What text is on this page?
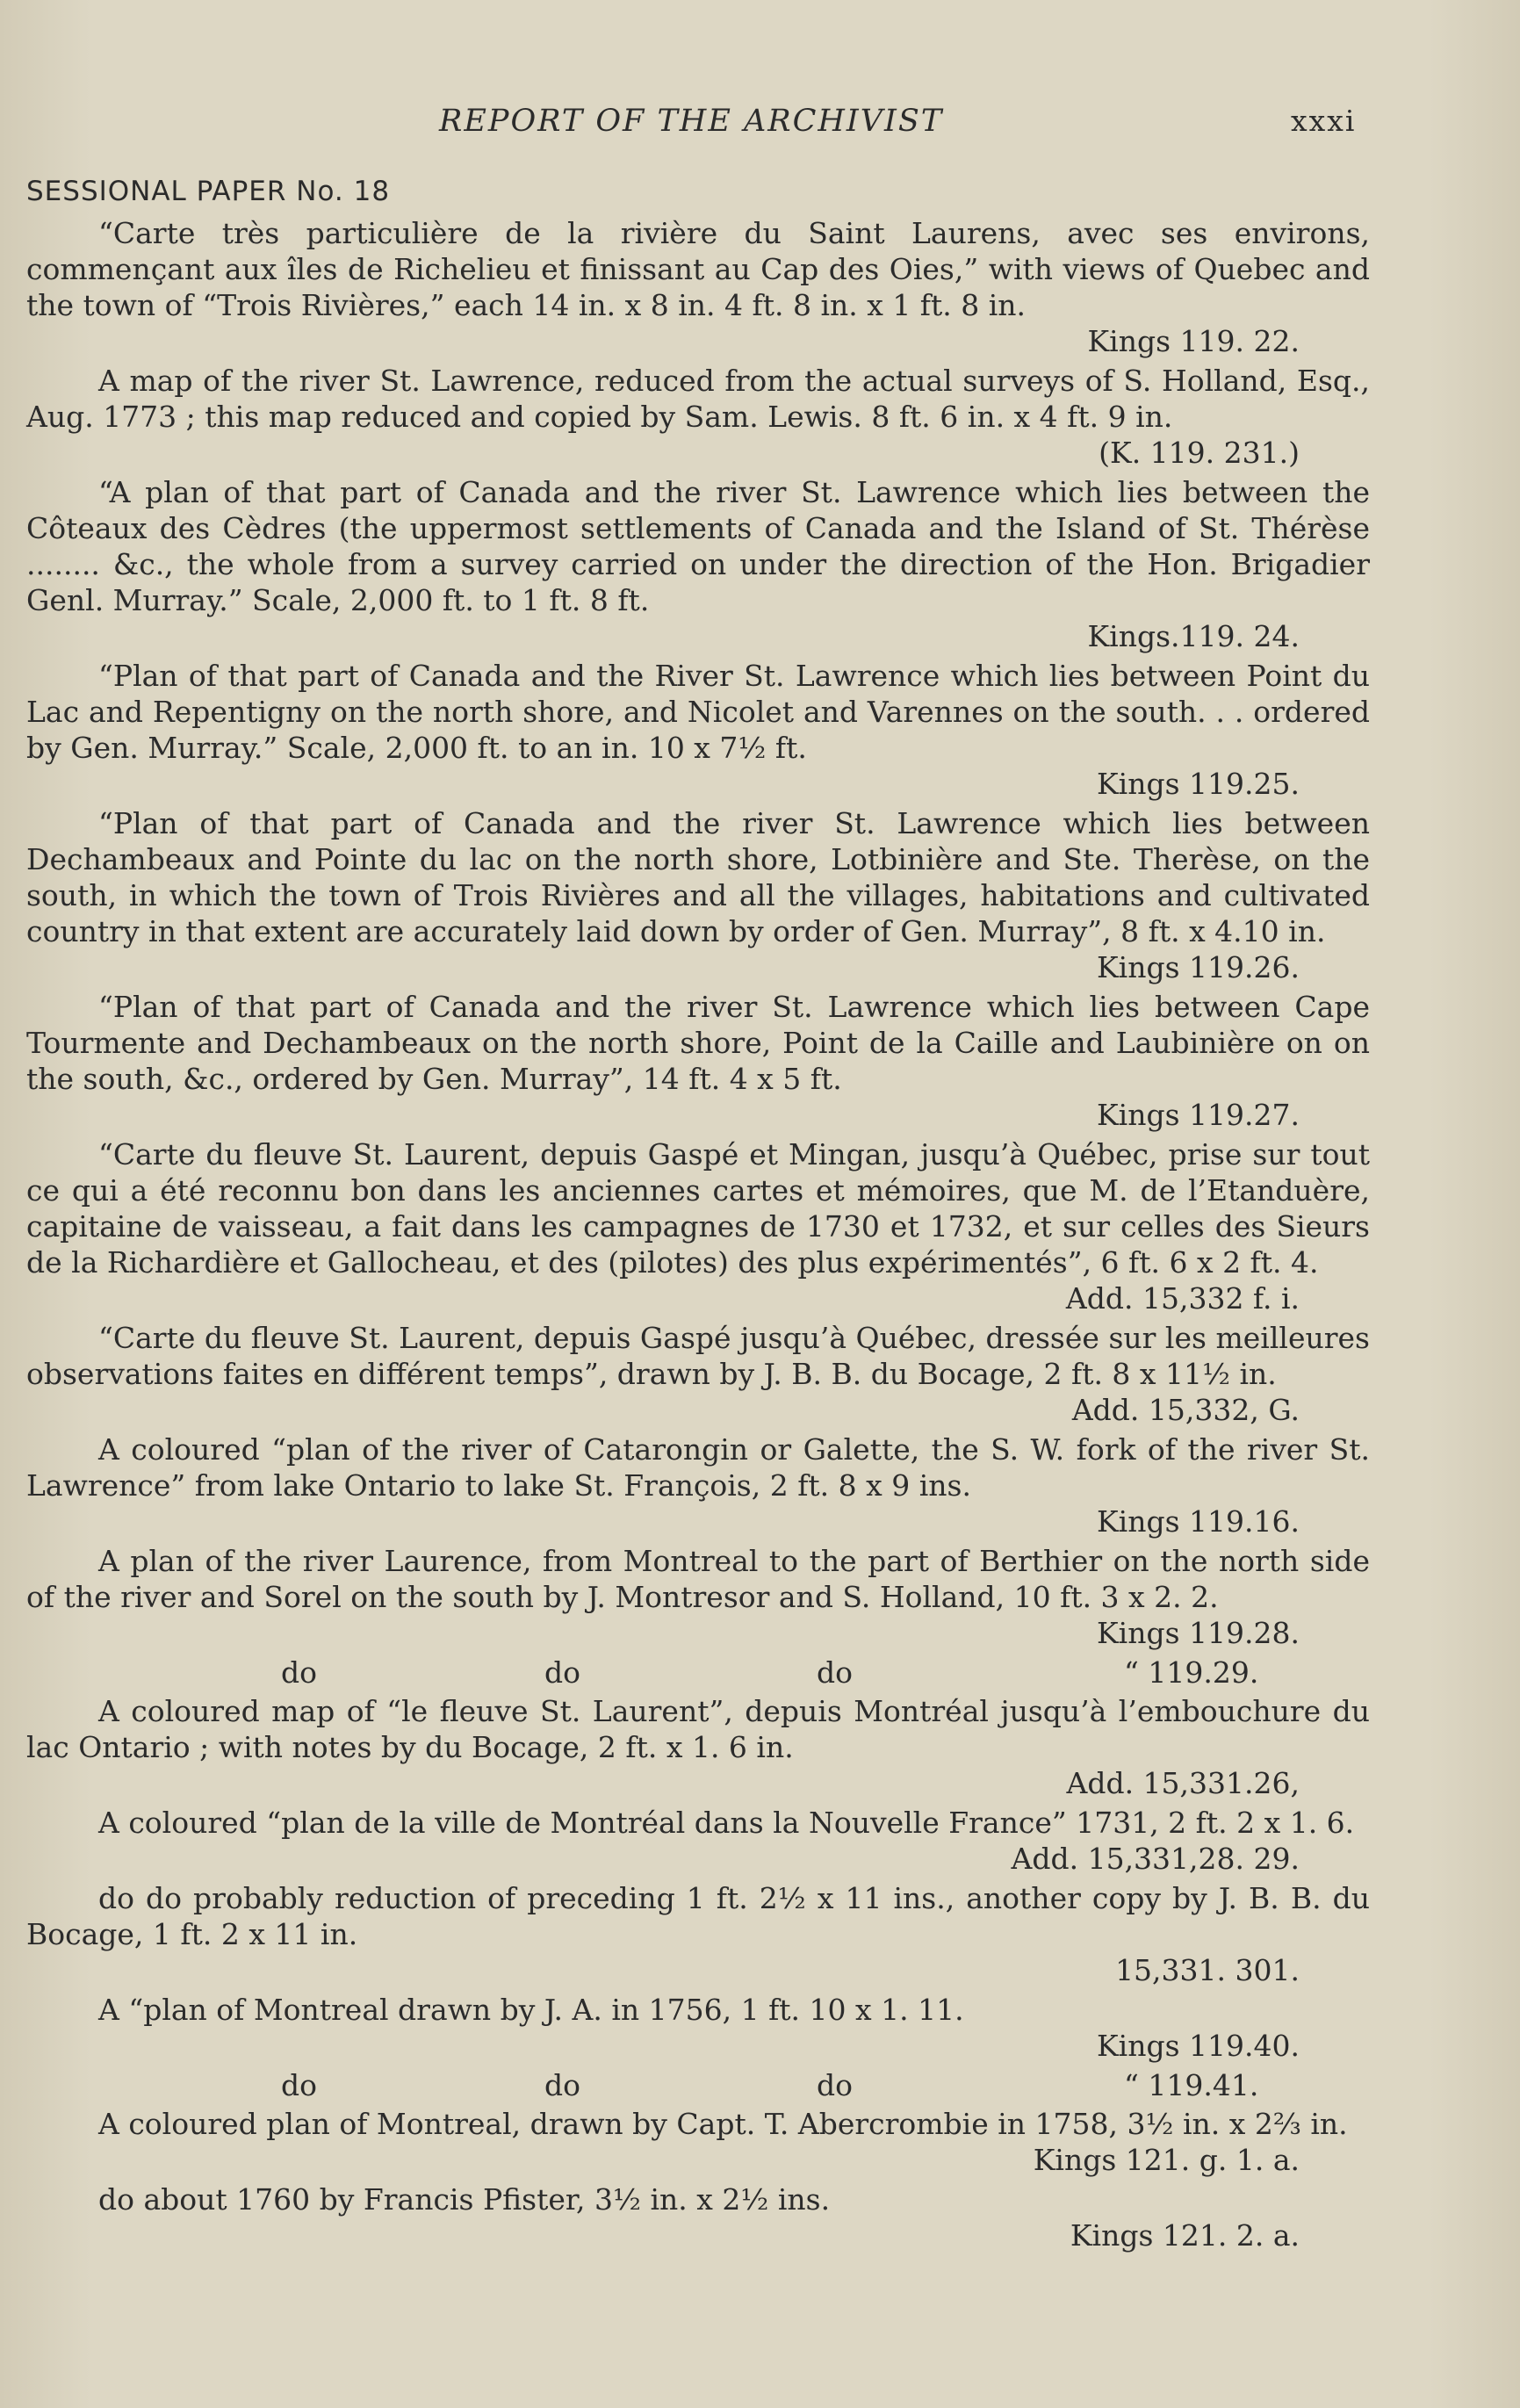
REPORT OF THE ARCHIVIST	xxxi
SESSIONAL PAPER No. 18
“Carte très particulière de la rivière du Saint Laurens, avec ses environs, commençant aux îles de Richelieu et finissant au Cap des Oies,” with views of Quebec and the town of “Trois Rivières,” each 14 in. x 8 in. 4 ft. 8 in. x 1 ft. 8 in.
Kings 119. 22.
A map of the river St. Lawrence, reduced from the actual surveys of S. Holland, Esq., Aug. 1773 ; this map reduced and copied by Sam. Lewis. 8 ft. 6 in. x 4 ft. 9 in.
(K. 119. 231.)
“A plan of that part of Canada and the river St. Lawrence which lies between the Côteaux des Cèdres (the uppermost settlements of Canada and the Island of St. Thérèse ........ &c., the whole from a survey carried on under the direction of the Hon. Brigadier Genl. Murray.” Scale, 2,000 ft. to 1 ft. 8 ft.
Kings.119. 24.
“Plan of that part of Canada and the River St. Lawrence which lies between Point du Lac and Repentigny on the north shore, and Nicolet and Varennes on the south. . . ordered by Gen. Murray.” Scale, 2,000 ft. to an in. 10 x 7½ ft.
Kings 119.25.
“Plan of that part of Canada and the river St. Lawrence which lies between Dechambeaux and Pointe du lac on the north shore, Lotbinière and Ste. Therèse, on the south, in which the town of Trois Rivières and all the villages, habitations and cultivated country in that extent are accurately laid down by order of Gen. Murray”, 8 ft. x 4.10 in.
Kings 119.26.
“Plan of that part of Canada and the river St. Lawrence which lies between Cape Tourmente and Dechambeaux on the north shore, Point de la Caille and Laubinière on on the south, &c., ordered by Gen. Murray”, 14 ft. 4 x 5 ft.
Kings 119.27.
“Carte du fleuve St. Laurent, depuis Gaspé et Mingan, jusqu’à Québec, prise sur tout ce qui a été reconnu bon dans les anciennes cartes et mémoires, que M. de l’Etanduère, capitaine de vaisseau, a fait dans les campagnes de 1730 et 1732, et sur celles des Sieurs de la Richardière et Gallocheau, et des (pilotes) des plus expérimentés”, 6 ft. 6 x 2 ft. 4.
Add. 15,332 f. i.
“Carte du fleuve St. Laurent, depuis Gaspé jusqu’à Québec, dressée sur les meilleures observations faites en différent temps”, drawn by J. B. B. du Bocage, 2 ft. 8 x 11½ in.
Add. 15,332, G.
A coloured “plan of the river of Catarongin or Galette, the S. W. fork of the river St. Lawrence” from lake Ontario to lake St. François, 2 ft. 8 x 9 ins.
Kings 119.16.
A plan of the river Laurence, from Montreal to the part of Berthier on the north side of the river and Sorel on the south by J. Montresor and S. Holland, 10 ft. 3 x 2. 2.
Kings 119.28.
do	do	do	“ 119.29.
A coloured map of “le fleuve St. Laurent”, depuis Montréal jusqu’à l’embouchure du lac Ontario ; with notes by du Bocage, 2 ft. x 1. 6 in.
Add. 15,331.26,
A coloured “plan de la ville de Montréal dans la Nouvelle France” 1731, 2 ft. 2 x 1. 6.
Add. 15,331,28. 29.
do do probably reduction of preceding 1 ft. 2½ x 11 ins., another copy by J. B. B. du Bocage, 1 ft. 2 x 11 in.
15,331. 301.
A “plan of Montreal drawn by J. A. in 1756, 1 ft. 10 x 1. 11.
Kings 119.40.
do	do	do	“ 119.41.
A coloured plan of Montreal, drawn by Capt. T. Abercrombie in 1758, 3½ in. x 2⅔ in.
Kings 121. g. 1. a.
do about 1760 by Francis Pfister, 3½ in. x 2½ ins.
Kings 121. 2. a.
